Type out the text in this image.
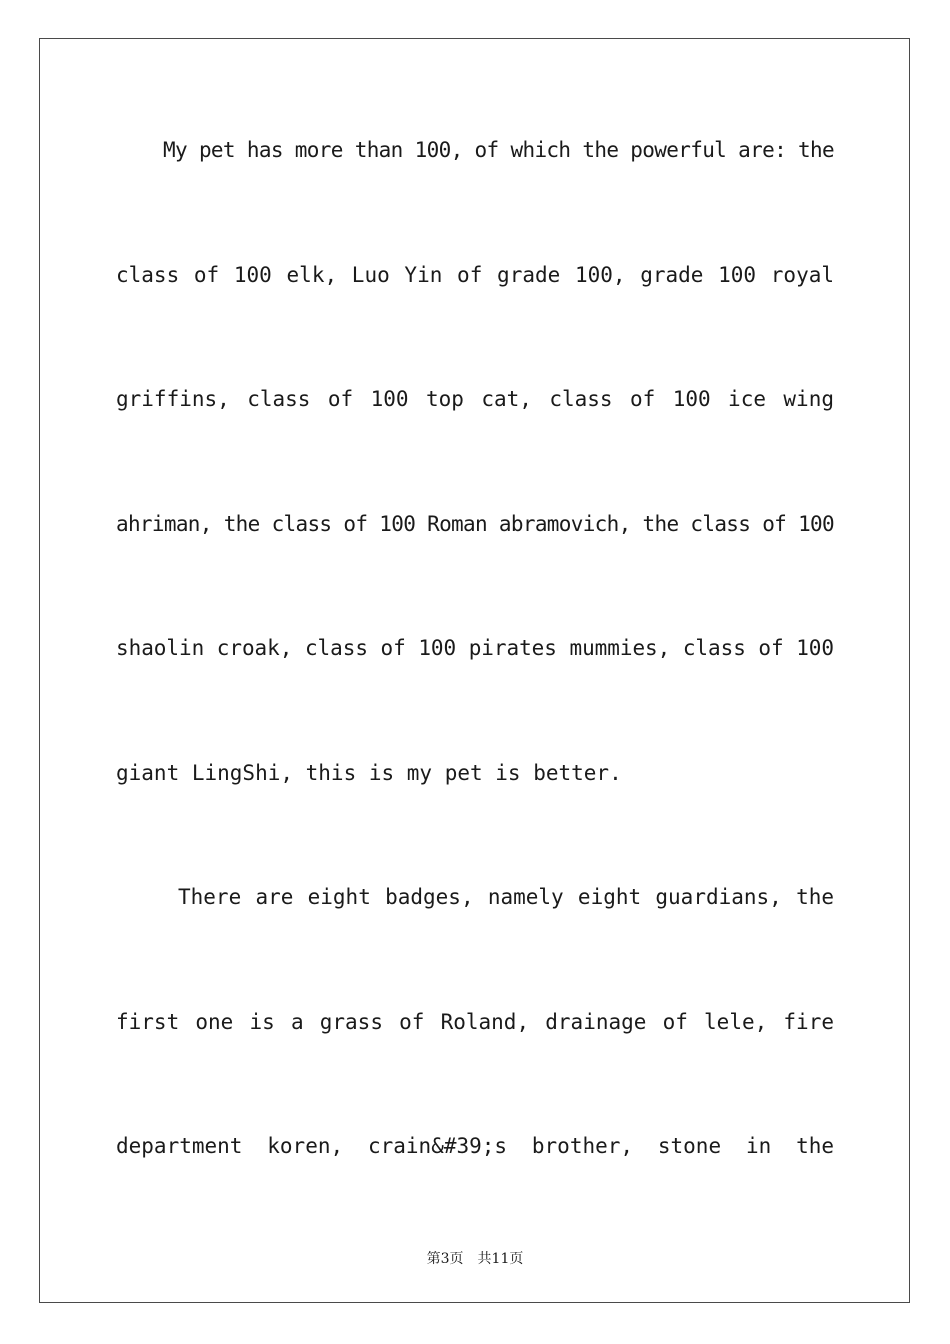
My pet has more than 100, of which the powerful are: the
class of 100 elk, Luo Yin of grade 100, grade 100 royal
griffins, class of 100 top cat, class of 100 ice wing
ahriman, the class of 100 Roman abramovich, the class of 100
shaolin croak, class of 100 pirates mummies, class of 100
giant LingShi, this is my pet is better.
There are eight badges, namely eight guardians, the
first one is a grass of Roland, drainage of lele, fire
department koren, crain&#39;s brother, stone in the
第3页　共11页
